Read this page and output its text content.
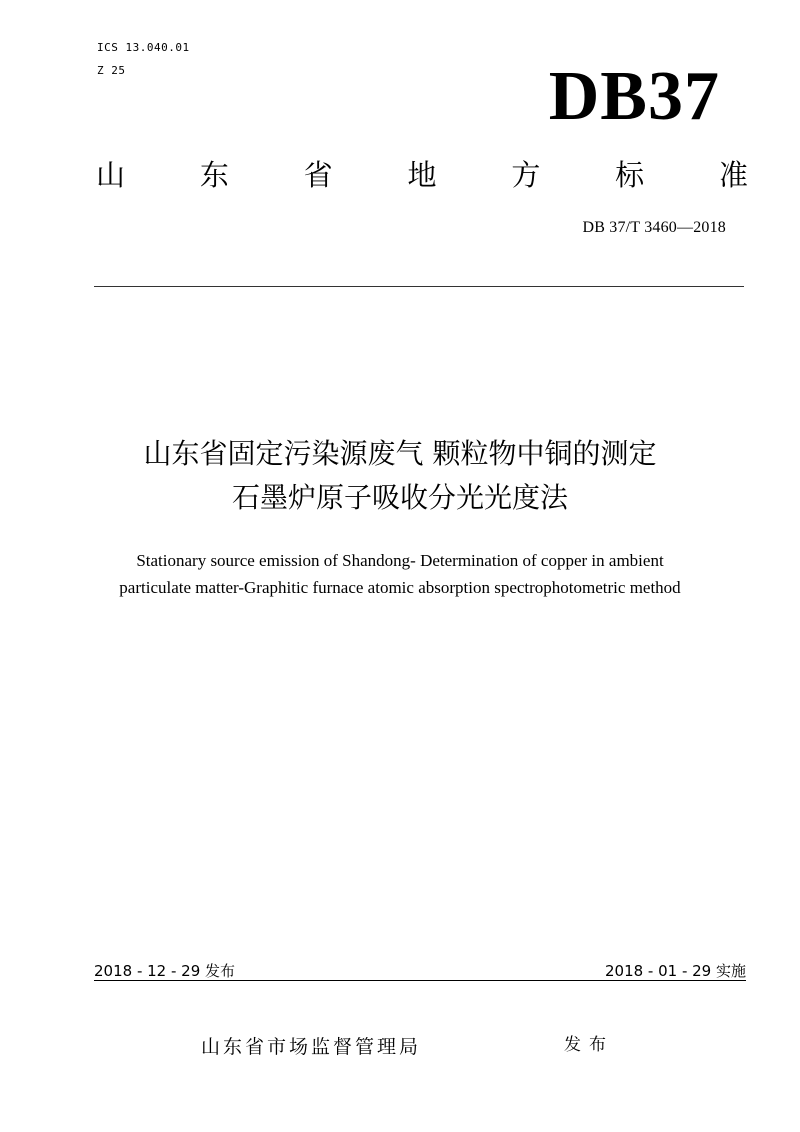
ICS 13.040.01
Z 25	DB37
山	东	省	地	方	标	准
DB 37/T 3460—2018
山东省固定污染源废气 颗粒物中铜的测定
石墨炉原子吸收分光光度法
Stationary source emission of Shandong- Determination of copper in ambient
particulate matter-Graphitic furnace atomic absorption spectrophotometric method
2018 - 12 - 29 发布	2018 - 01 - 29 实施
山东省市场监督管理局	发布
